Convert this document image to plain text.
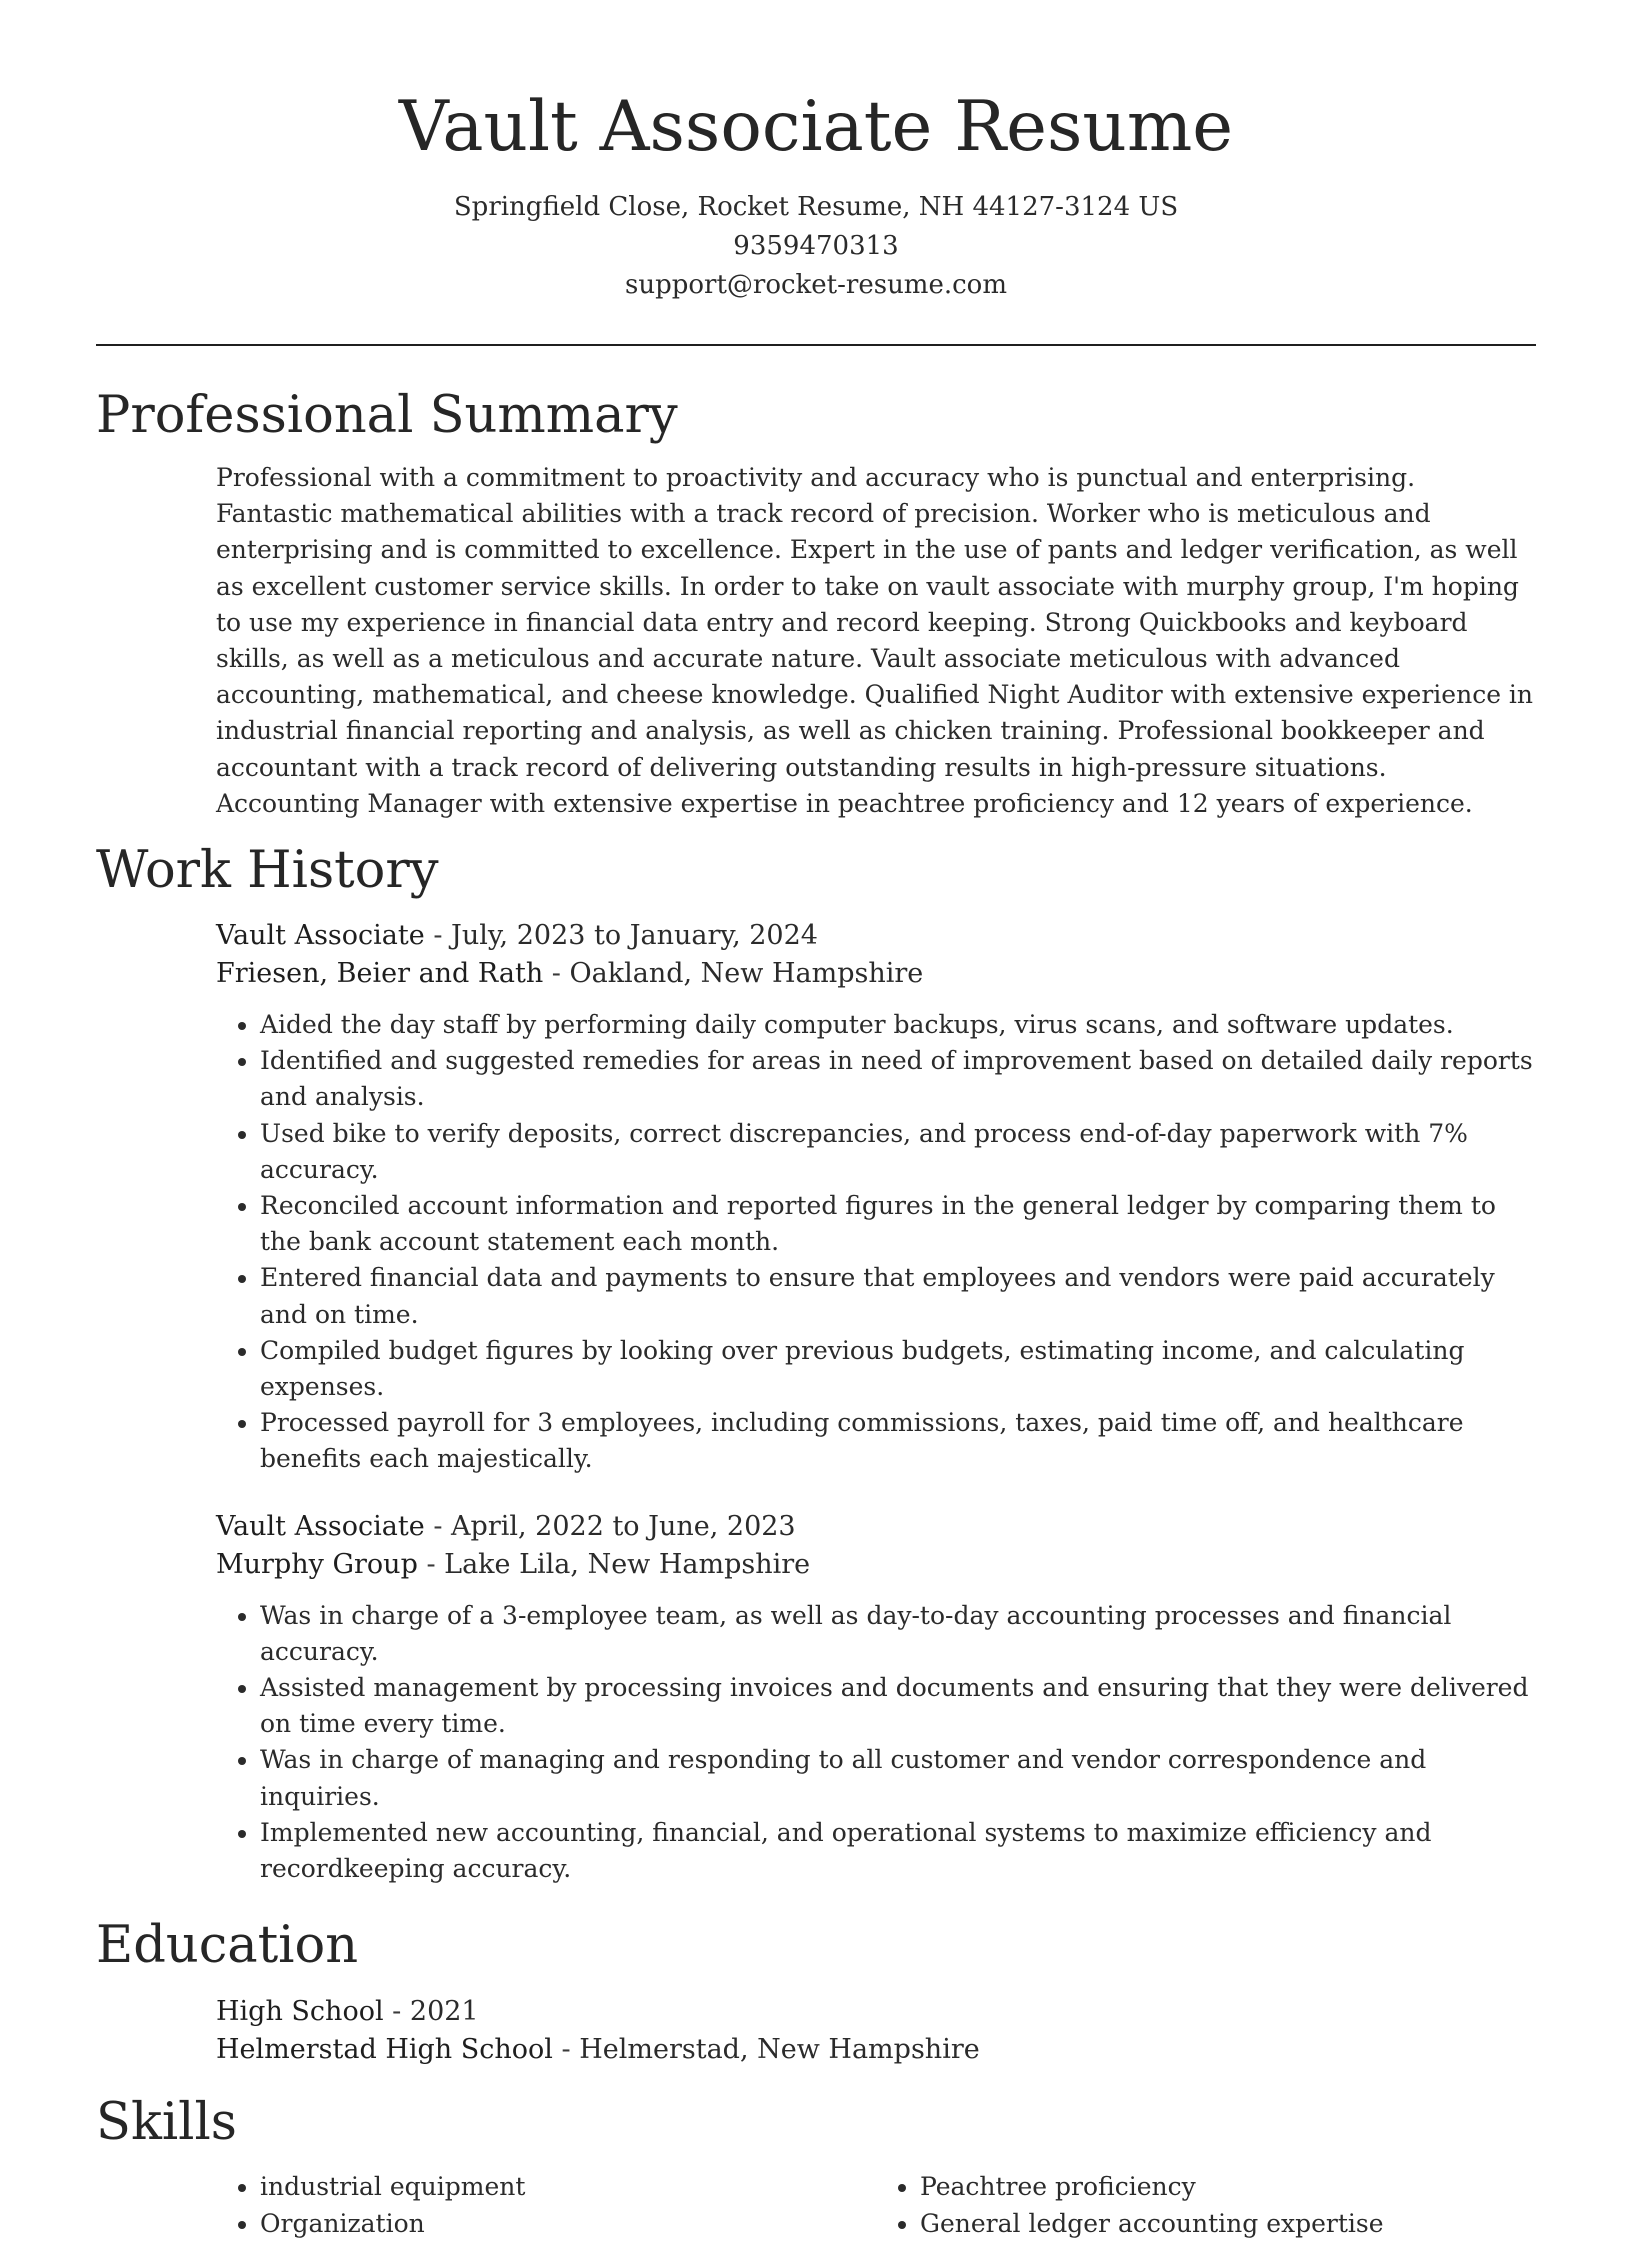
Vault Associate Resume
Springfield Close, Rocket Resume, NH 44127-3124 US
9359470313
support@rocket-resume.com
Professional Summary
Professional with a commitment to proactivity and accuracy who is punctual and enterprising. Fantastic mathematical abilities with a track record of precision. Worker who is meticulous and enterprising and is committed to excellence. Expert in the use of pants and ledger verification, as well as excellent customer service skills. In order to take on vault associate with murphy group, I'm hoping to use my experience in financial data entry and record keeping. Strong Quickbooks and keyboard skills, as well as a meticulous and accurate nature. Vault associate meticulous with advanced accounting, mathematical, and cheese knowledge. Qualified Night Auditor with extensive experience in industrial financial reporting and analysis, as well as chicken training. Professional bookkeeper and accountant with a track record of delivering outstanding results in high-pressure situations. Accounting Manager with extensive expertise in peachtree proficiency and 12 years of experience.
Work History
Vault Associate - July, 2023 to January, 2024
Friesen, Beier and Rath - Oakland, New Hampshire
• Aided the day staff by performing daily computer backups, virus scans, and software updates.
• Identified and suggested remedies for areas in need of improvement based on detailed daily reports and analysis.
• Used bike to verify deposits, correct discrepancies, and process end-of-day paperwork with 7% accuracy.
• Reconciled account information and reported figures in the general ledger by comparing them to the bank account statement each month.
• Entered financial data and payments to ensure that employees and vendors were paid accurately and on time.
• Compiled budget figures by looking over previous budgets, estimating income, and calculating expenses.
• Processed payroll for 3 employees, including commissions, taxes, paid time off, and healthcare benefits each majestically.
Vault Associate - April, 2022 to June, 2023
Murphy Group - Lake Lila, New Hampshire
• Was in charge of a 3-employee team, as well as day-to-day accounting processes and financial accuracy.
• Assisted management by processing invoices and documents and ensuring that they were delivered on time every time.
• Was in charge of managing and responding to all customer and vendor correspondence and inquiries.
• Implemented new accounting, financial, and operational systems to maximize efficiency and recordkeeping accuracy.
Education
High School - 2021
Helmerstad High School - Helmerstad, New Hampshire
Skills
• industrial equipment
• Organization
• Peachtree proficiency
• General ledger accounting expertise
